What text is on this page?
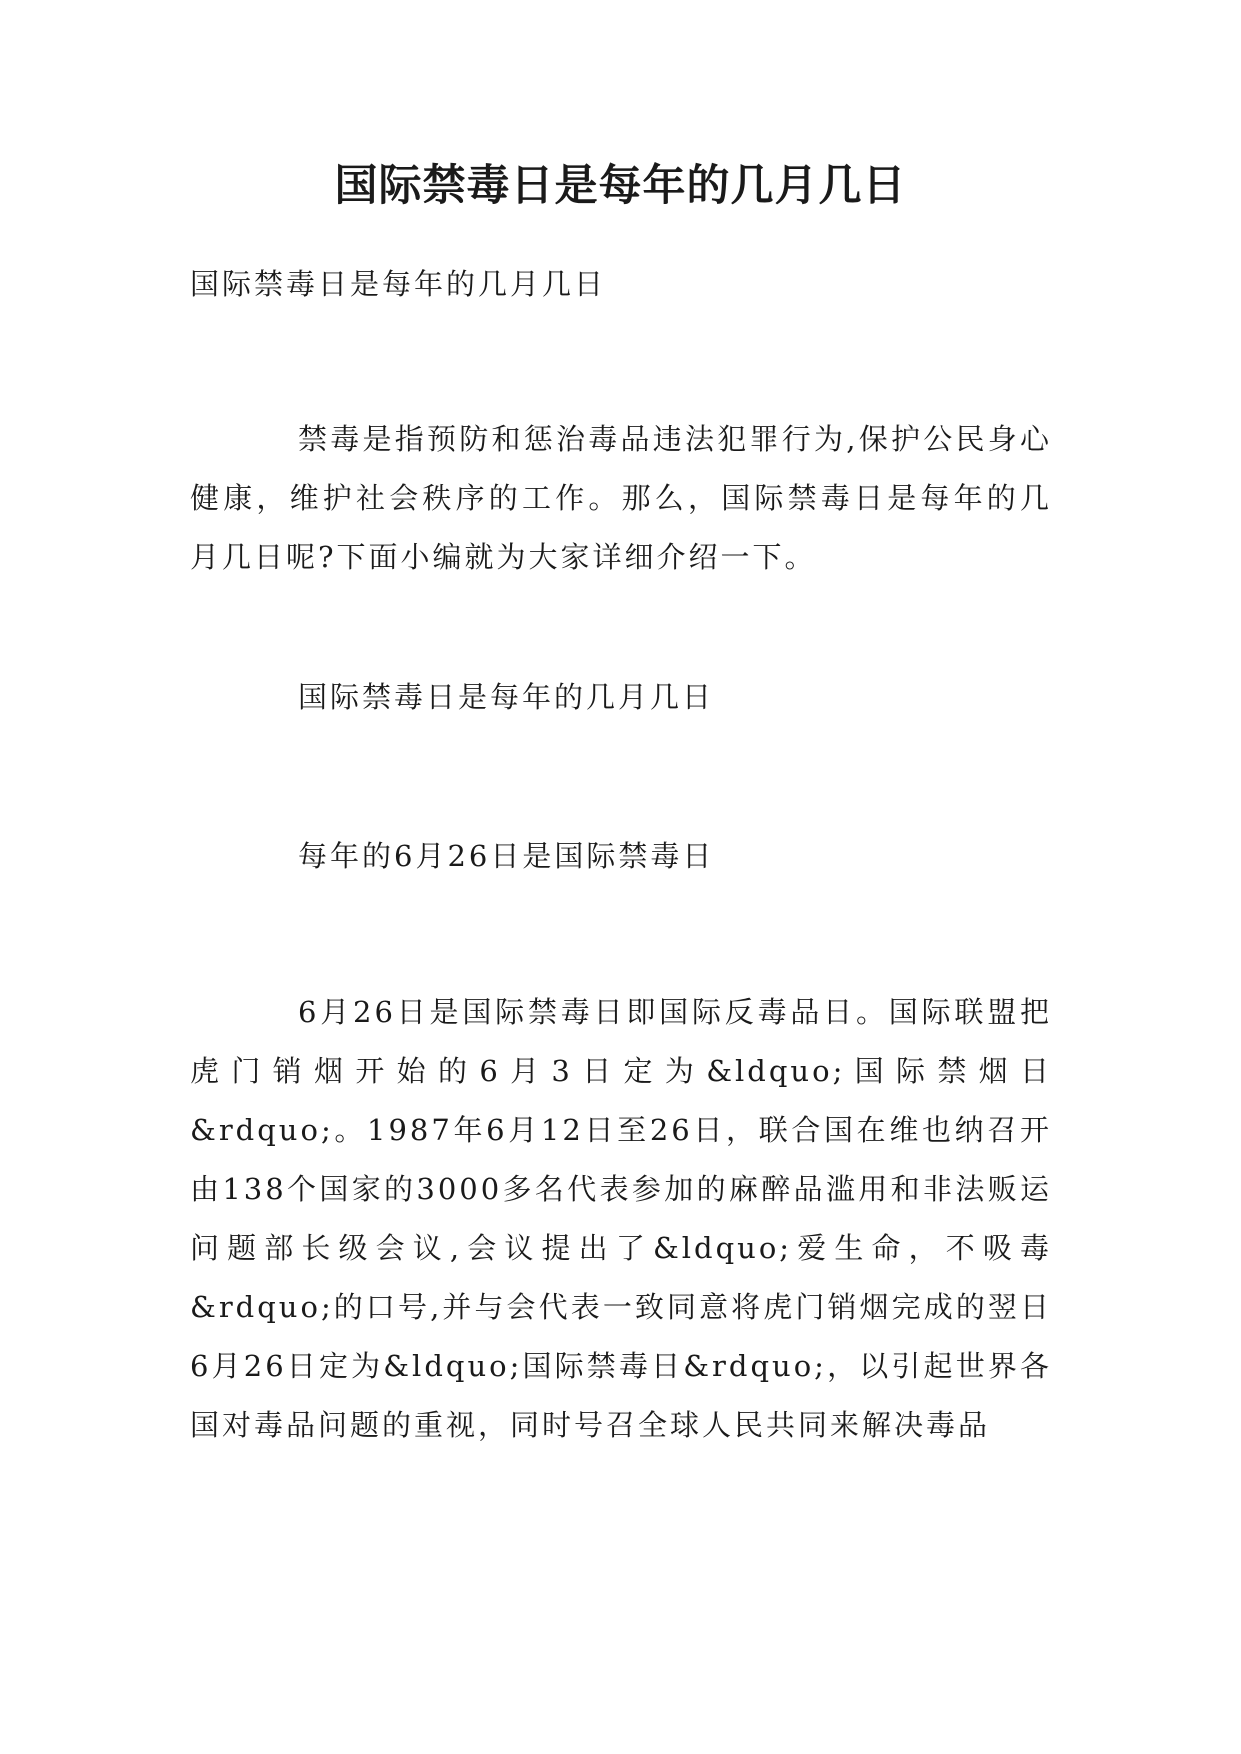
国际禁毒日是每年的几月几日

国际禁毒日是每年的几月几日

禁毒是指预防和惩治毒品违法犯罪行为,保护公民身心健康，维护社会秩序的工作。那么，国际禁毒日是每年的几月几日呢?下面小编就为大家详细介绍一下。

国际禁毒日是每年的几月几日

每年的6月26日是国际禁毒日

6月26日是国际禁毒日即国际反毒品日。国际联盟把虎门销烟开始的6月3日定为&ldquo;国际禁烟日&rdquo;。1987年6月12日至26日，联合国在维也纳召开由138个国家的3000多名代表参加的麻醉品滥用和非法贩运问题部长级会议,会议提出了&ldquo;爱生命，不吸毒&rdquo;的口号,并与会代表一致同意将虎门销烟完成的翌日6月26日定为&ldquo;国际禁毒日&rdquo;，以引起世界各国对毒品问题的重视，同时号召全球人民共同来解决毒品
